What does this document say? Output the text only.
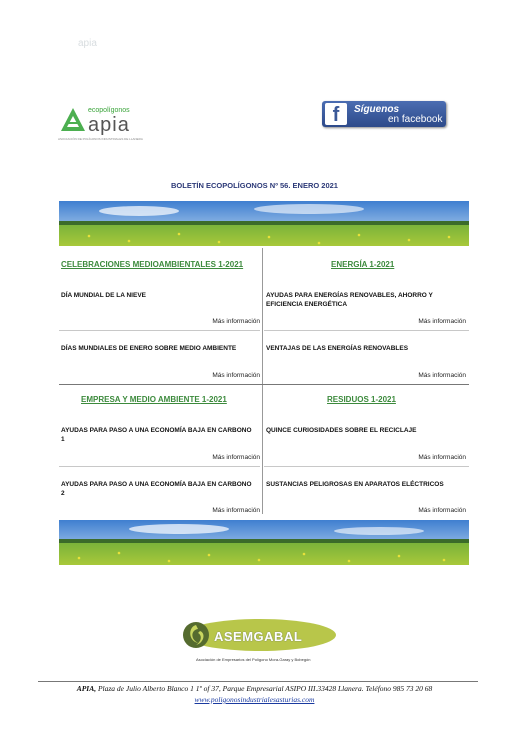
apia
ecopolígonos
apia
ASOCIACIÓN DE POLÍGONOS INDUSTRIALES DE LLANERA
f	Síguenos
en facebook
BOLETÍN ECOPOLÍGONOS Nº 56. ENERO 2021
CELEBRACIONES MEDIOAMBIENTALES 1-2021
DÍA MUNDIAL DE LA NIEVE
Más información
DÍAS MUNDIALES DE ENERO SOBRE MEDIO AMBIENTE
Más información
ENERGÍA 1-2021
AYUDAS PARA ENERGÍAS RENOVABLES, AHORRO Y EFICIENCIA ENERGÉTICA
Más información
VENTAJAS DE LAS ENERGÍAS RENOVABLES
Más información
EMPRESA Y MEDIO AMBIENTE 1-2021
AYUDAS PARA PASO A UNA ECONOMÍA BAJA EN CARBONO 1
Más información
AYUDAS PARA PASO A UNA ECONOMÍA BAJA EN CARBONO 2
Más información
RESIDUOS 1-2021
QUINCE CURIOSIDADES SOBRE EL RECICLAJE
Más información
SUSTANCIAS PELIGROSAS EN APARATOS ELÉCTRICOS
Más información
ASEMGABAL
Asociación de Empresarios del Polígono Mora-Garay y Bobegón
APIA, Plaza de Julio Alberto Blanco 1 1º of 37, Parque Empresarial ASIPO III.33428 Llanera. Teléfono 985 73 20 68
www.poligonosindustrialesasturias.com
